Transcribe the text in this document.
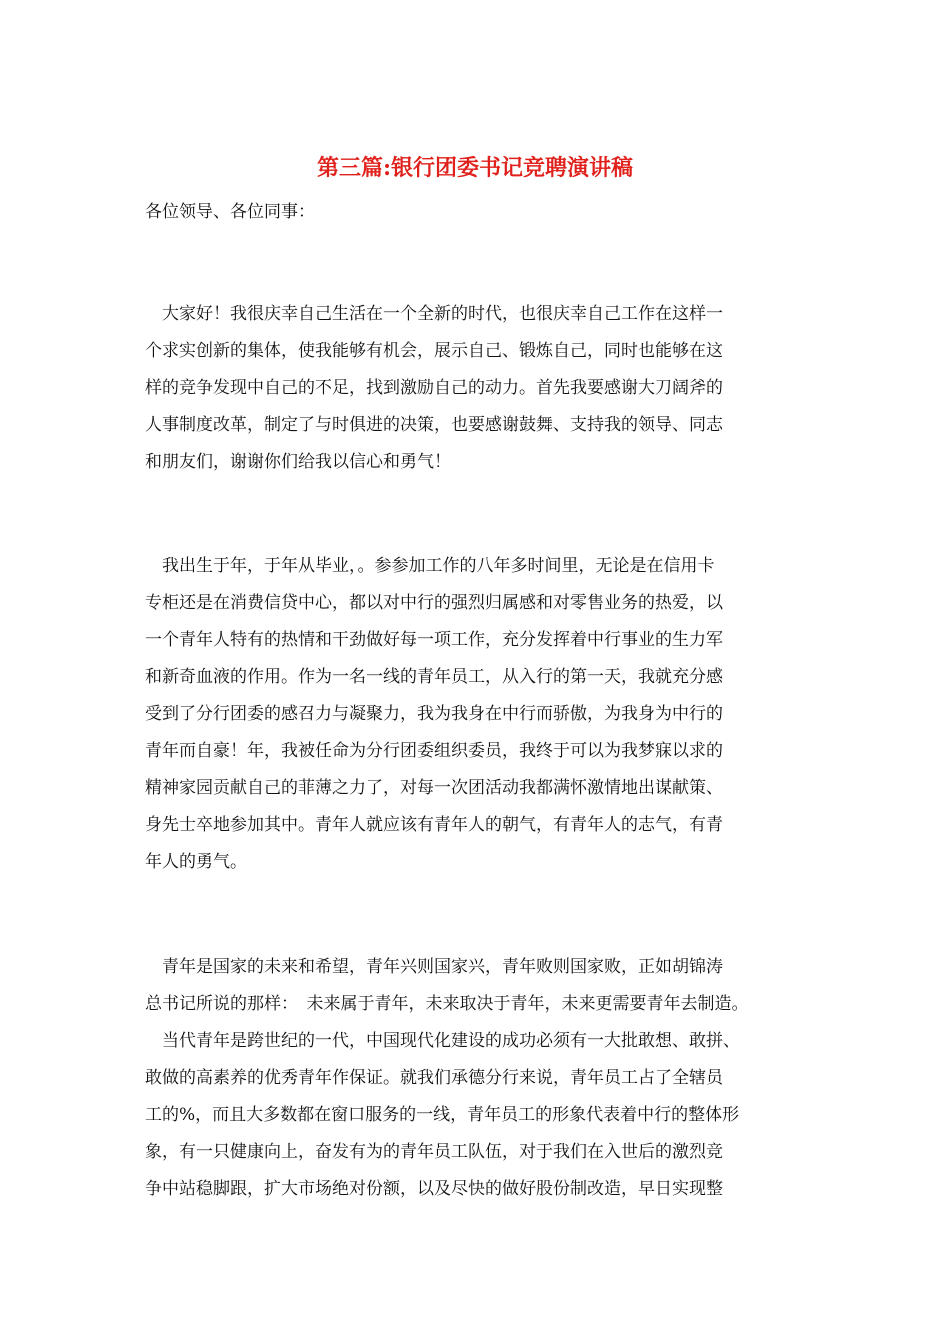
第三篇:银行团委书记竞聘演讲稿
各位领导、各位同事：
　大家好！我很庆幸自己生活在一个全新的时代，也很庆幸自己工作在这样一
个求实创新的集体，使我能够有机会，展示自己、锻炼自己，同时也能够在这
样的竞争发现中自己的不足，找到激励自己的动力。首先我要感谢大刀阔斧的
人事制度改革，制定了与时俱进的决策，也要感谢鼓舞、支持我的领导、同志
和朋友们，谢谢你们给我以信心和勇气！
　我出生于年，于年从毕业，。参参加工作的八年多时间里，无论是在信用卡
专柜还是在消费信贷中心，都以对中行的强烈归属感和对零售业务的热爱，以
一个青年人特有的热情和干劲做好每一项工作，充分发挥着中行事业的生力军
和新奇血液的作用。作为一名一线的青年员工，从入行的第一天，我就充分感
受到了分行团委的感召力与凝聚力，我为我身在中行而骄傲，为我身为中行的
青年而自豪！年，我被任命为分行团委组织委员，我终于可以为我梦寐以求的
精神家园贡献自己的菲薄之力了，对每一次团活动我都满怀激情地出谋献策、
身先士卒地参加其中。青年人就应该有青年人的朝气，有青年人的志气，有青
年人的勇气。
　青年是国家的未来和希望，青年兴则国家兴，青年败则国家败，正如胡锦涛
总书记所说的那样：　未来属于青年，未来取决于青年，未来更需要青年去制造。
　当代青年是跨世纪的一代，中国现代化建设的成功必须有一大批敢想、敢拼、
敢做的高素养的优秀青年作保证。就我们承德分行来说，青年员工占了全辖员
工的%，而且大多数都在窗口服务的一线，青年员工的形象代表着中行的整体形
象，有一只健康向上，奋发有为的青年员工队伍，对于我们在入世后的激烈竞
争中站稳脚跟，扩大市场绝对份额，以及尽快的做好股份制改造，早日实现整
